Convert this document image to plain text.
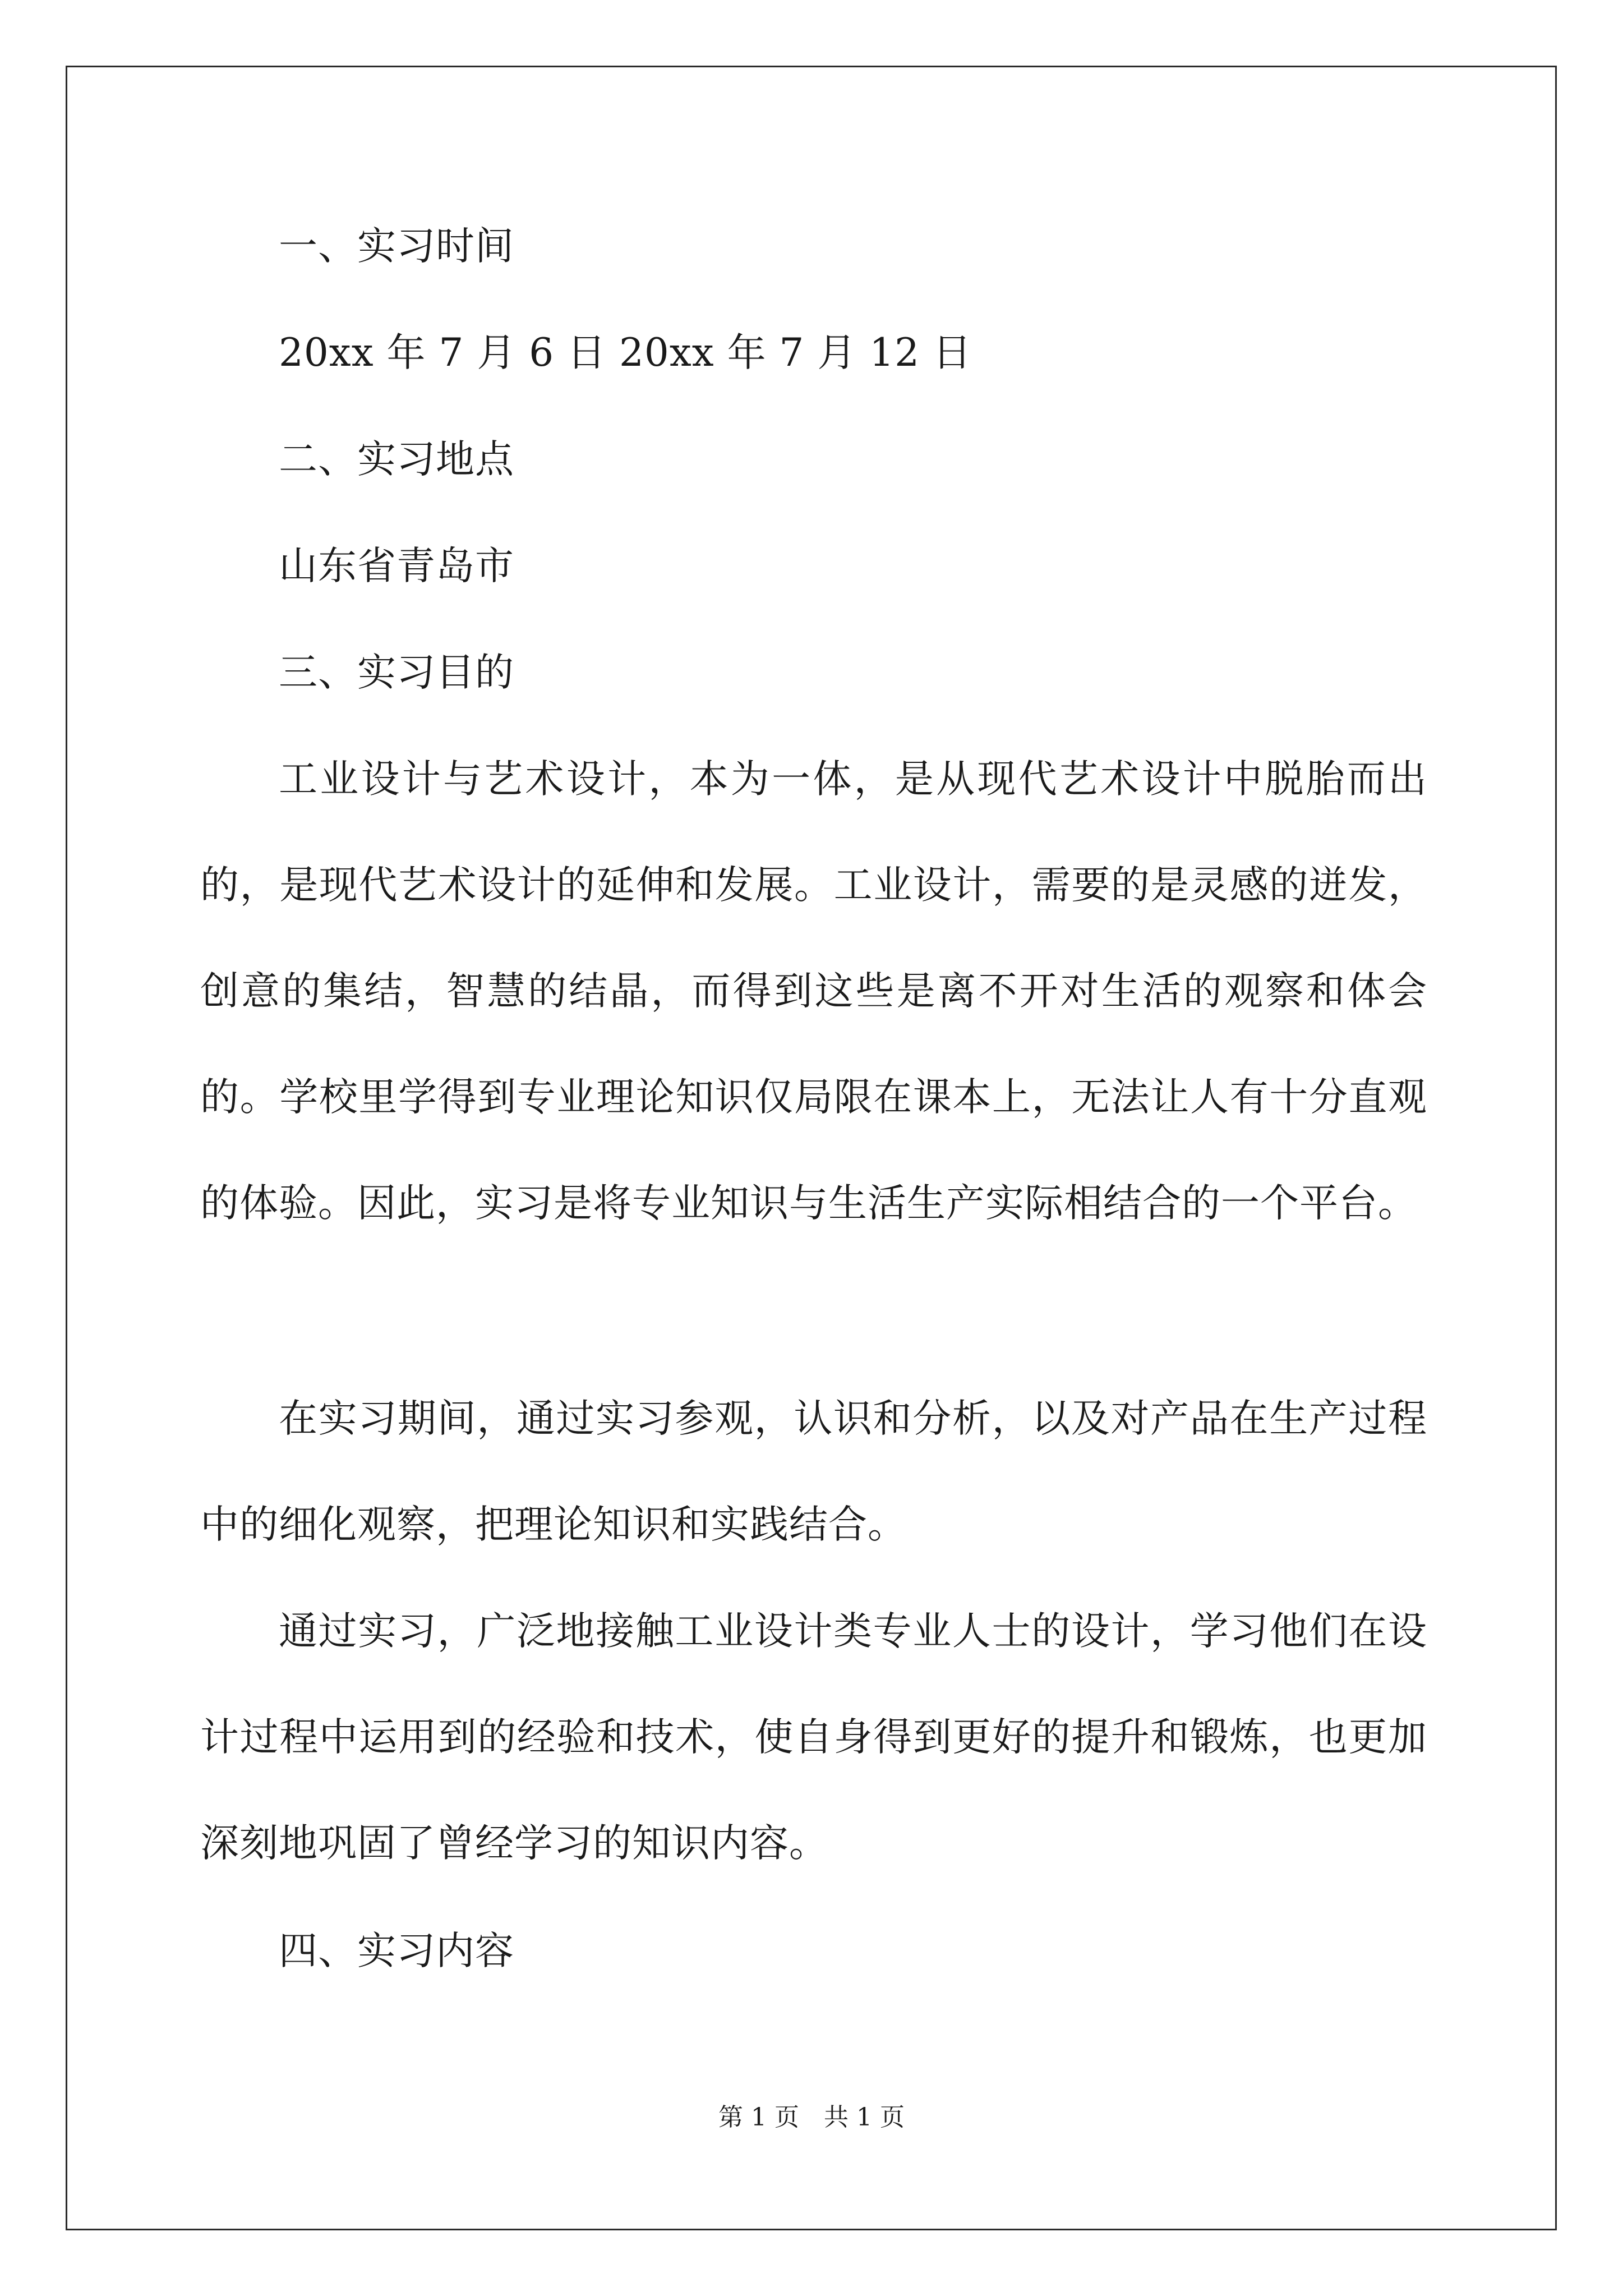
一、实习时间

20xx 年 7 月 6 日 20xx 年 7 月 12 日

二、实习地点

山东省青岛市

三、实习目的

工业设计与艺术设计，本为一体，是从现代艺术设计中脱胎而出的，是现代艺术设计的延伸和发展。工业设计，需要的是灵感的迸发，创意的集结，智慧的结晶，而得到这些是离不开对生活的观察和体会的。学校里学得到专业理论知识仅局限在课本上，无法让人有十分直观的体验。因此，实习是将专业知识与生活生产实际相结合的一个平台。

在实习期间，通过实习参观，认识和分析，以及对产品在生产过程中的细化观察，把理论知识和实践结合。

通过实习，广泛地接触工业设计类专业人士的设计，学习他们在设计过程中运用到的经验和技术，使自身得到更好的提升和锻炼，也更加深刻地巩固了曾经学习的知识内容。

四、实习内容

第 1 页　共 1 页
